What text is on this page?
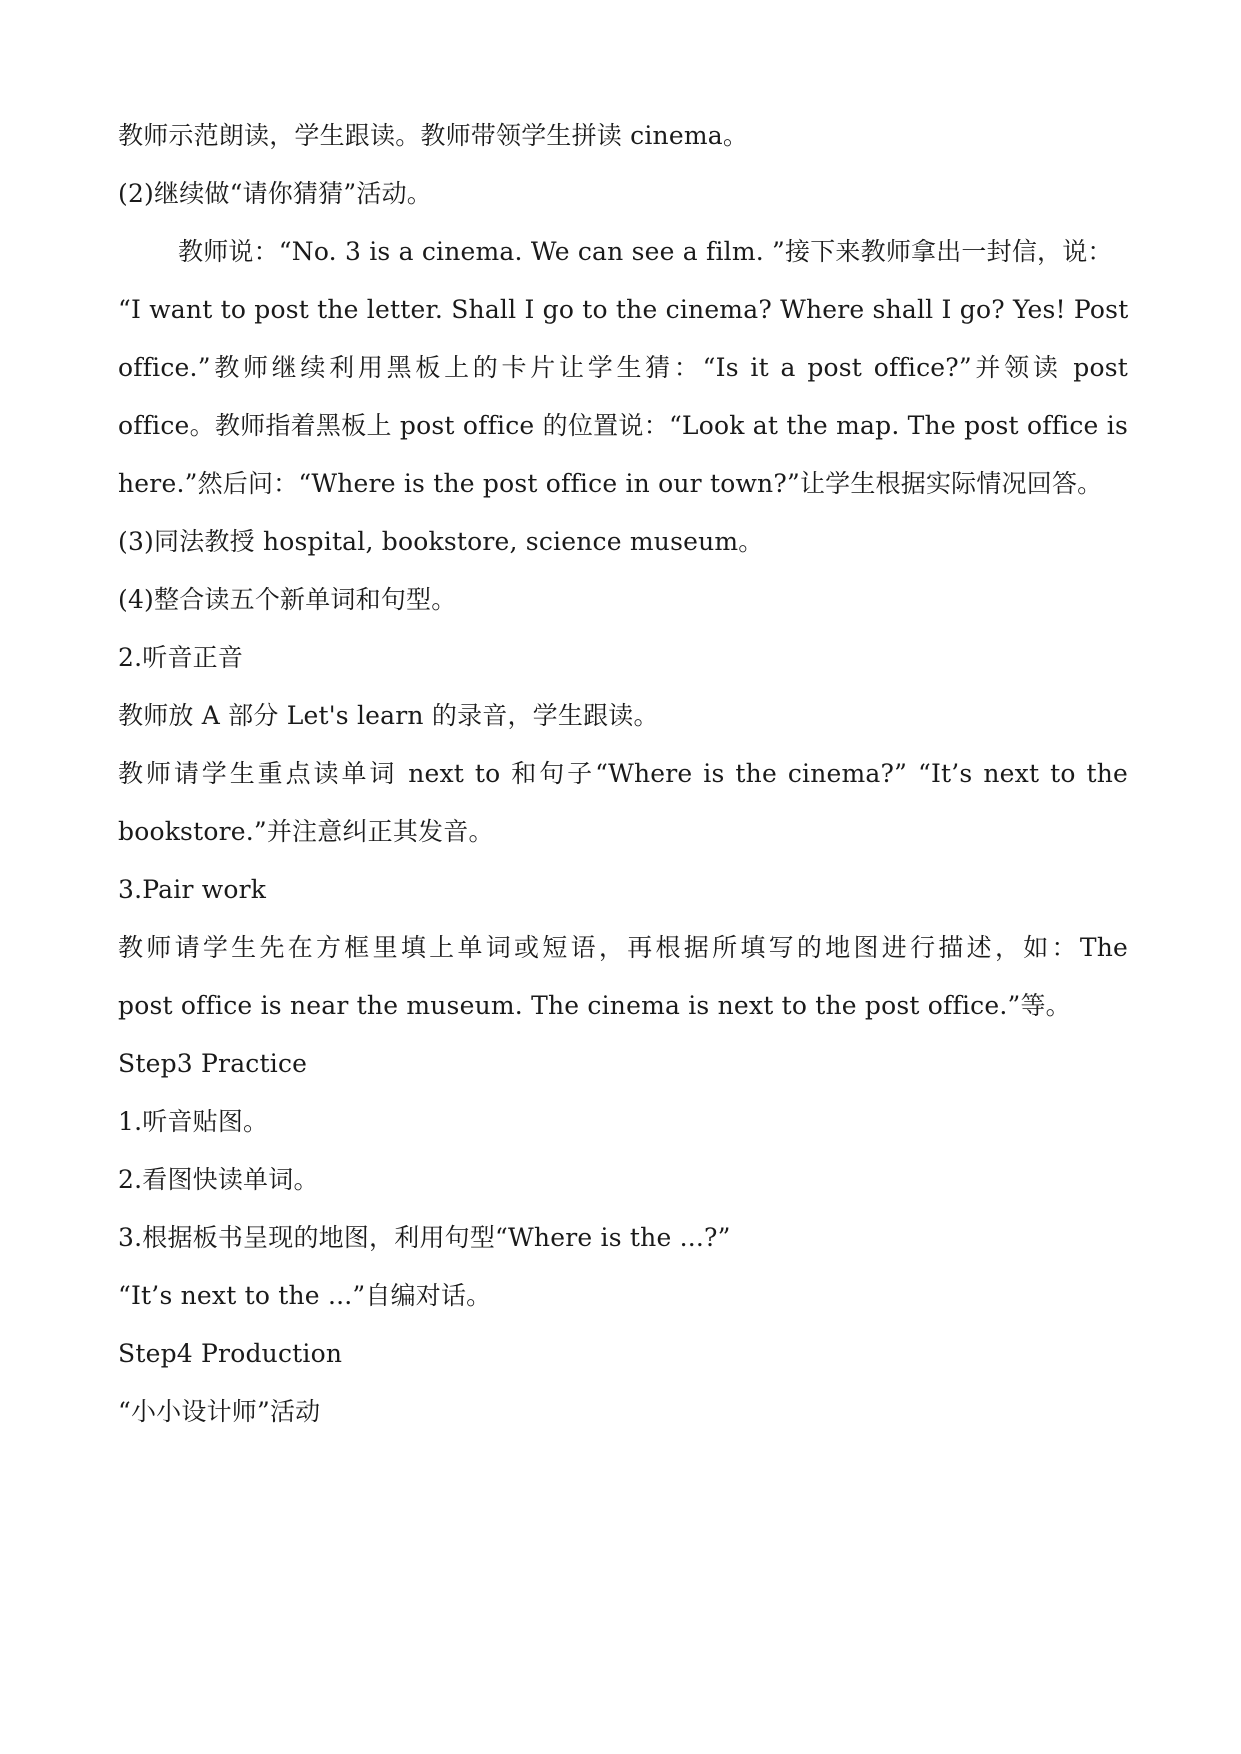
教师示范朗读，学生跟读。教师带领学生拼读 cinema。
(2)继续做“请你猜猜”活动。
教师说：“No. 3 is a cinema. We can see a film. ”接下来教师拿出一封信，说：
“I want to post the letter. Shall I go to the cinema? Where shall I go? Yes! Post
office.”教师继续利用黑板上的卡片让学生猜：“Is it a post office?”并领读 post
office。教师指着黑板上 post office 的位置说：“Look at the map. The post office is
here.”然后问：“Where is the post office in our town?”让学生根据实际情况回答。
(3)同法教授 hospital, bookstore, science museum。
(4)整合读五个新单词和句型。
2.听音正音
教师放 A 部分 Let's learn 的录音，学生跟读。
教师请学生重点读单词 next to 和句子“Where is the cinema?” “It’s next to the
bookstore.”并注意纠正其发音。
3.Pair work
教师请学生先在方框里填上单词或短语，再根据所填写的地图进行描述，如：The
post office is near the museum. The cinema is next to the post office.”等。
Step3 Practice
1.听音贴图。
2.看图快读单词。
3.根据板书呈现的地图，利用句型“Where is the ...?”
“It’s next to the ...”自编对话。
Step4 Production
“小小设计师”活动
